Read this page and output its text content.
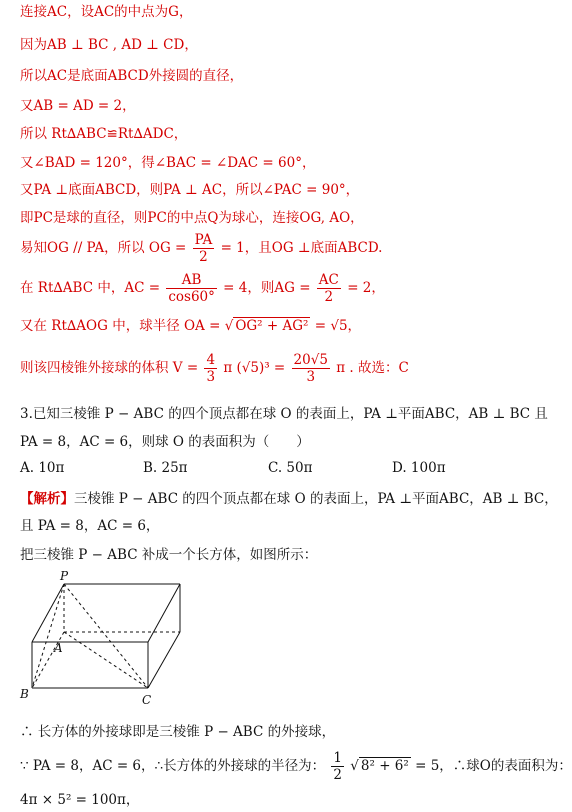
连接AC，设AC的中点为G，
因为AB ⊥ BC , AD ⊥ CD，
所以AC是底面ABCD外接圆的直径，
又AB = AD = 2，
所以 Rt∆ABC≌Rt∆ADC，
又∠BAD = 120°，得∠BAC = ∠DAC = 60°，
又PA ⊥底面ABCD，则PA ⊥ AC，所以∠PAC = 90°，
即PC是球的直径，则PC的中点Q为球心，连接OG, AO，
易知OG // PA，所以 OG = $\frac{PA}{2} = 1$，且OG ⊥底面ABCD.
在 Rt∆ABC 中，AC = $\frac{AB}{\cos 60^\circ} = 4$，则AG = $\frac{AC}{2} = 2$，
又在 Rt∆AOG 中，球半径 OA = √ OG² + AG² = √5，
则该四棱锥外接球的体积 $V = \frac{4}{3}$ π $(√5)^3 = \frac{20√5}{3}$ π . 故选：C
3.已知三棱锥 P − ABC 的四个顶点都在球 O 的表面上，PA ⊥平面ABC，AB ⊥ BC 且
PA = 8，AC = 6，则球 O 的表面积为（　　）
A. 10π	B. 25π	C. 50π	D. 100π
【解析】三棱锥 P − ABC 的四个顶点都在球 O 的表面上，PA ⊥平面ABC，AB ⊥ BC，
且 PA = 8，AC = 6，
把三棱锥 P − ABC 补成一个长方体，如图所示：
P
A
B	C
∴ 长方体的外接球即是三棱锥 P − ABC 的外接球，
∵ PA = 8，AC = 6，∴长方体的外接球的半径为： $\frac{1}{2}$ √ 8² + 6² = 5，∴球O的表面积为：
4π × 5² = 100π，
